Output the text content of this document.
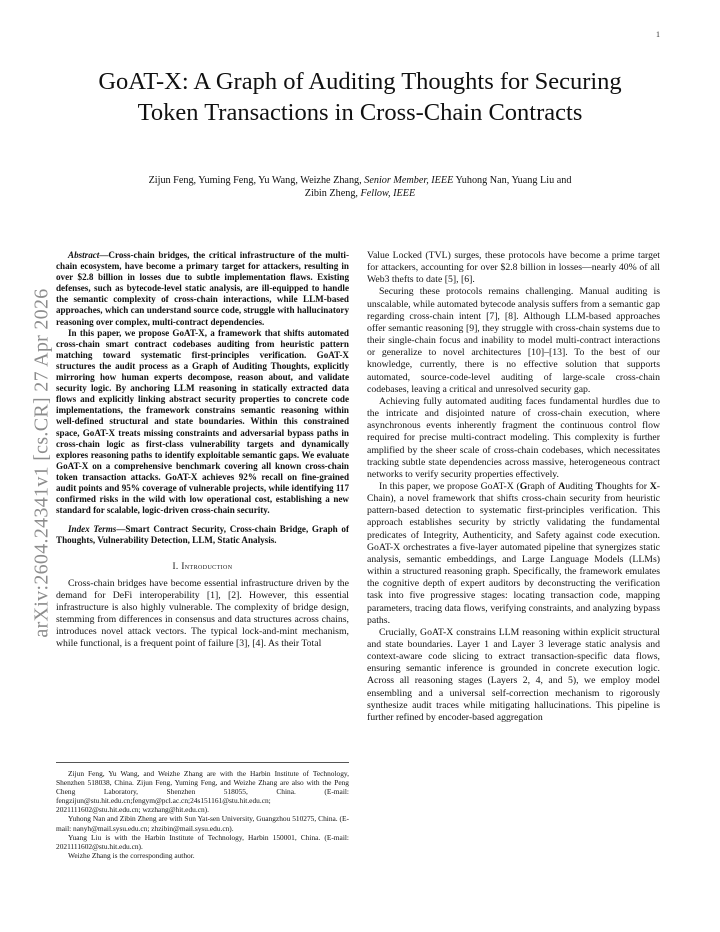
1
arXiv:2604.24341v1 [cs.CR] 27 Apr 2026
GoAT-X: A Graph of Auditing Thoughts for Securing Token Transactions in Cross-Chain Contracts
Zijun Feng, Yuming Feng, Yu Wang, Weizhe Zhang, Senior Member, IEEE Yuhong Nan, Yuang Liu and Zibin Zheng, Fellow, IEEE

Abstract—Cross-chain bridges, the critical infrastructure of the multi-chain ecosystem, have become a primary target for attackers, resulting in over $2.8 billion in losses due to subtle implementation flaws. Existing defenses, such as bytecode-level static analysis, are ill-equipped to handle the semantic complexity of cross-chain interactions, while LLM-based approaches, which can understand source code, struggle with hallucinatory reasoning over complex, multi-contract dependencies.

In this paper, we propose GoAT-X, a framework that shifts automated cross-chain smart contract codebases auditing from heuristic pattern matching toward systematic first-principles verification. GoAT-X structures the audit process as a Graph of Auditing Thoughts, explicitly mirroring how human experts decompose, reason about, and validate security logic. By anchoring LLM reasoning in statically extracted data flows and explicitly linking abstract security properties to concrete code implementations, the framework constrains semantic reasoning within well-defined structural and state boundaries. Within this constrained space, GoAT-X treats missing constraints and adversarial bypass paths in cross-chain logic as first-class vulnerability targets and dynamically explores reasoning paths to identify exploitable semantic gaps. We evaluate GoAT-X on a comprehensive benchmark covering all known cross-chain token transaction attacks. GoAT-X achieves 92% recall on fine-grained audit points and 95% coverage of vulnerable projects, while identifying 117 confirmed risks in the wild with low operational cost, establishing a new standard for scalable, logic-driven cross-chain security.

Index Terms—Smart Contract Security, Cross-chain Bridge, Graph of Thoughts, Vulnerability Detection, LLM, Static Analysis.

I. Introduction

Cross-chain bridges have become essential infrastructure driven by the demand for DeFi interoperability [1], [2]. However, this essential infrastructure is also highly vulnerable. The complexity of bridge design, stemming from differences in consensus and data structures across chains, introduces novel attack vectors. The typical lock-and-mint mechanism, while functional, is a frequent point of failure [3], [4]. As their Total

Zijun Feng, Yu Wang, and Weizhe Zhang are with the Harbin Institute of Technology, Shenzhen 518038, China. Zijun Feng, Yuming Feng, and Weizhe Zhang are also with the Peng Cheng Laboratory, Shenzhen 518055, China. (E-mail: fengzijun@stu.hit.edu.cn;fengym@pcl.ac.cn;24s151161@stu.hit.edu.cn; 2021111602@stu.hit.edu.cn; wzzhang@hit.edu.cn).

Yuhong Nan and Zibin Zheng are with Sun Yat-sen University, Guangzhou 510275, China. (E-mail: nanyh@mail.sysu.edu.cn; zhzibin@mail.sysu.edu.cn).

Yuang Liu is with the Harbin Institute of Technology, Harbin 150001, China. (E-mail: 2021111602@stu.hit.edu.cn).

Weizhe Zhang is the corresponding author.

Value Locked (TVL) surges, these protocols have become a prime target for attackers, accounting for over $2.8 billion in losses—nearly 40% of all Web3 thefts to date [5], [6].

Securing these protocols remains challenging. Manual auditing is unscalable, while automated bytecode analysis suffers from a semantic gap regarding cross-chain intent [7], [8]. Although LLM-based approaches offer semantic reasoning [9], they struggle with cross-chain systems due to their single-chain focus and inability to model multi-contract interactions or generalize to novel architectures [10]–[13]. To the best of our knowledge, currently, there is no effective solution that supports automated, source-code-level auditing of large-scale cross-chain codebases, leaving a critical and unresolved security gap.

Achieving fully automated auditing faces fundamental hurdles due to the intricate and disjointed nature of cross-chain execution, where asynchronous events inherently fragment the continuous control flow required for precise multi-contract modeling. This complexity is further amplified by the sheer scale of cross-chain codebases, which necessitates tracking subtle state dependencies across massive, heterogeneous contract networks to verify security properties effectively.

In this paper, we propose GoAT-X (Graph of Auditing Thoughts for X-Chain), a novel framework that shifts cross-chain security from heuristic pattern-based detection to systematic first-principles verification. This approach establishes security by strictly validating the fundamental predicates of Integrity, Authenticity, and Safety against code execution. GoAT-X orchestrates a five-layer automated pipeline that synergizes static analysis, semantic embeddings, and Large Language Models (LLMs) within a structured reasoning graph. Specifically, the framework emulates the cognitive depth of expert auditors by deconstructing the verification task into five progressive stages: locating transaction code, mapping parameters, tracing data flows, verifying constraints, and analyzing bypass paths.

Crucially, GoAT-X constrains LLM reasoning within explicit structural and state boundaries. Layer 1 and Layer 3 leverage static analysis and context-aware code slicing to extract transaction-specific data flows, ensuring semantic inference is grounded in concrete execution logic. Across all reasoning stages (Layers 2, 4, and 5), we employ model ensembling and a universal self-correction mechanism to rigorously synthesize audit traces while mitigating hallucinations. This pipeline is further refined by encoder-based aggregation
